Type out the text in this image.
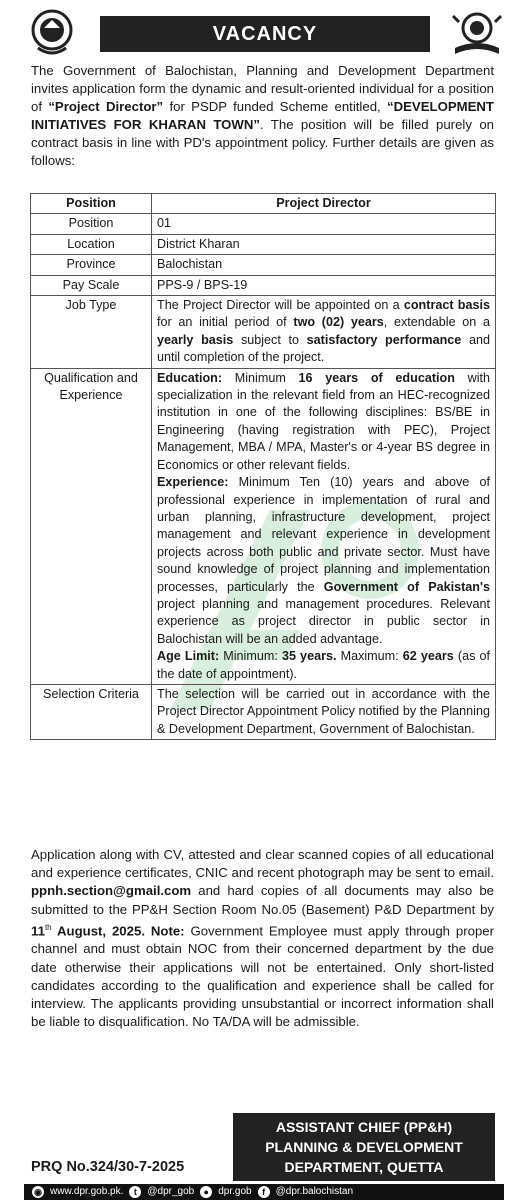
VACANCY
The Government of Balochistan, Planning and Development Department invites application form the dynamic and result-oriented individual for a position of “Project Director” for PSDP funded Scheme entitled, “DEVELOPMENT INITIATIVES FOR KHARAN TOWN”. The position will be filled purely on contract basis in line with PD's appointment policy. Further details are given as follows:
Position	Project Director
Position	01
Location	District Kharan
Province	Balochistan
Pay Scale	PPS-9 / BPS-19
Job Type	The Project Director will be appointed on a contract basis for an initial period of two (02) years, extendable on a yearly basis subject to satisfactory performance and until completion of the project.
Qualification and Experience	Education: Minimum 16 years of education with specialization in the relevant field from an HEC-recognized institution in one of the following disciplines: BS/BE in Engineering (having registration with PEC), Project Management, MBA / MPA, Master's or 4-year BS degree in Economics or other relevant fields.
Experience: Minimum Ten (10) years and above of professional experience in implementation of rural and urban planning, infrastructure development, project management and relevant experience in development projects across both public and private sector. Must have sound knowledge of project planning and implementation processes, particularly the Government of Pakistan's project planning and management procedures. Relevant experience as project director in public sector in Balochistan will be an added advantage.
Age Limit: Minimum: 35 years. Maximum: 62 years (as of the date of appointment).
Selection Criteria	The selection will be carried out in accordance with the Project Director Appointment Policy notified by the Planning & Development Department, Government of Balochistan.
Application along with CV, attested and clear scanned copies of all educational and experience certificates, CNIC and recent photograph may be sent to email. ppnh.section@gmail.com and hard copies of all documents may also be submitted to the PP&H Section Room No.05 (Basement) P&D Department by 11th August, 2025. Note: Government Employee must apply through proper channel and must obtain NOC from their concerned department by the due date otherwise their applications will not be entertained. Only short-listed candidates according to the qualification and experience shall be called for interview. The applicants providing unsubstantial or incorrect information shall be liable to disqualification. No TA/DA will be admissible.
ASSISTANT CHIEF (PP&H)
PLANNING & DEVELOPMENT
DEPARTMENT, QUETTA
PRQ No.324/30-7-2025
◉ www.dpr.gob.pk.	t	@dpr_gob	● dpr.gob	f	@dpr.balochistan
